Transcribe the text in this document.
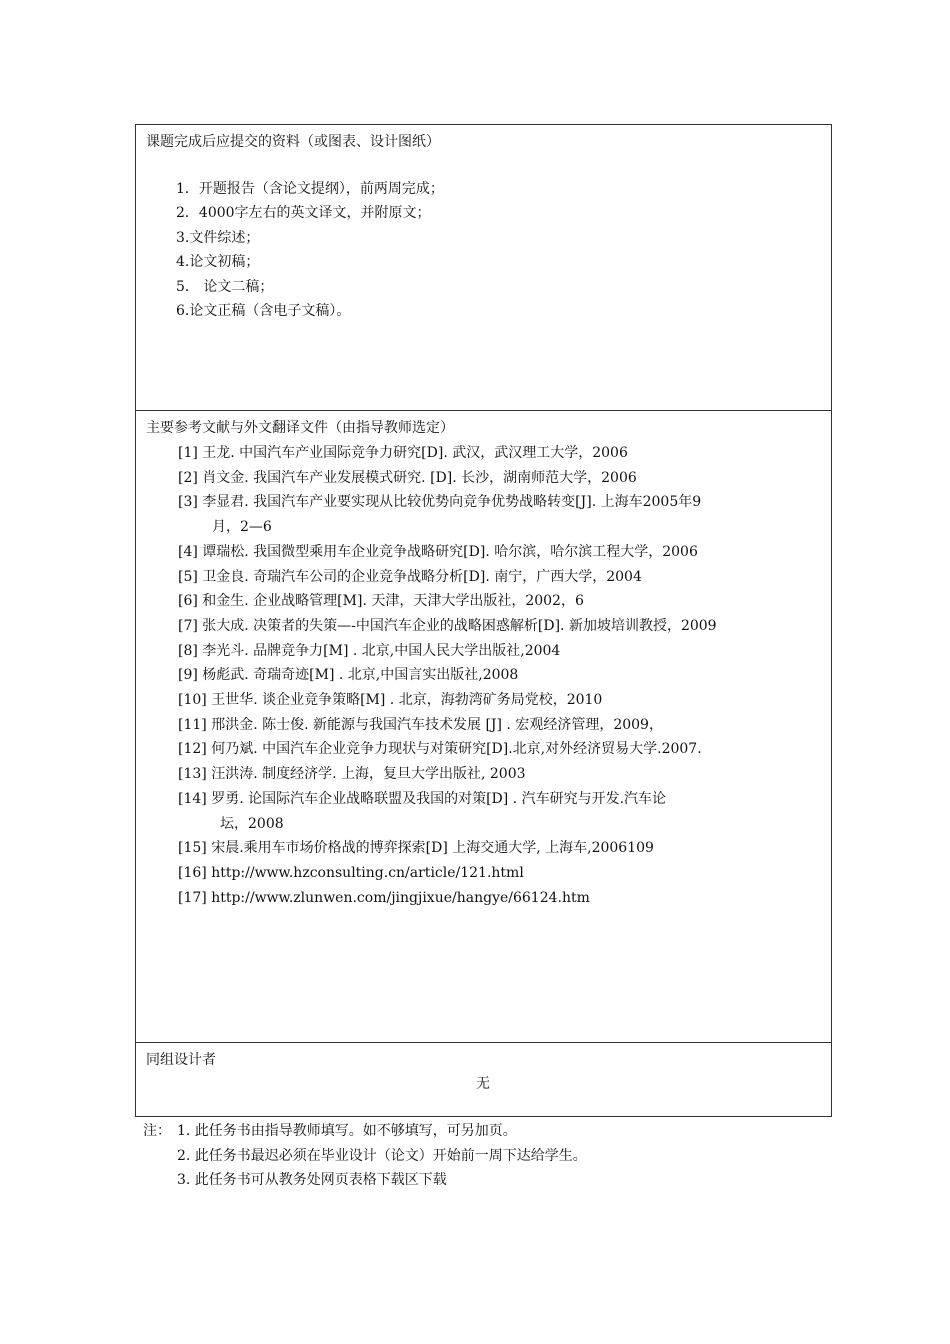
课题完成后应提交的资料（或图表、设计图纸）
1．开题报告（含论文提纲），前两周完成；
2．4000字左右的英文译文，并附原文；
3.文件综述；
4.论文初稿；
5． 论文二稿；
6.论文正稿（含电子文稿）。
主要参考文献与外文翻译文件（由指导教师选定）
[1] 王龙. 中国汽车产业国际竞争力研究[D]. 武汉，武汉理工大学，2006
[2] 肖文金. 我国汽车产业发展模式研究. [D]. 长沙，湖南师范大学，2006
[3] 李显君. 我国汽车产业要实现从比较优势向竞争优势战略转变[J]. 上海车2005年9
月，2—6
[4] 谭瑞松. 我国微型乘用车企业竞争战略研究[D]. 哈尔滨，哈尔滨工程大学，2006
[5] 卫金良. 奇瑞汽车公司的企业竞争战略分析[D]. 南宁，广西大学，2004
[6] 和金生. 企业战略管理[M]. 天津，天津大学出版社，2002，6
[7] 张大成. 决策者的失策—-中国汽车企业的战略困惑解析[D]. 新加坡培训教授，2009
[8] 李光斗. 品牌竞争力[M] . 北京,中国人民大学出版社,2004
[9] 杨彪武. 奇瑞奇迹[M] . 北京,中国言实出版社,2008
[10] 王世华. 谈企业竞争策略[M] . 北京，海勃湾矿务局党校，2010
[11] 邢洪金. 陈士俊. 新能源与我国汽车技术发展 [J] . 宏观经济管理，2009，
[12] 何乃斌. 中国汽车企业竞争力现状与对策研究[D].北京,对外经济贸易大学.2007.
[13] 汪洪涛. 制度经济学. 上海，复旦大学出版社, 2003
[14] 罗勇. 论国际汽车企业战略联盟及我国的对策[D] . 汽车研究与开发.汽车论
坛，2008
[15] 宋晨.乘用车市场价格战的博弈探索[D] 上海交通大学, 上海车,2006109
[16] http://www.hzconsulting.cn/article/121.html
[17] http://www.zlunwen.com/jingjixue/hangye/66124.htm
同组设计者
无
注： 1. 此任务书由指导教师填写。如不够填写，可另加页。
2. 此任务书最迟必须在毕业设计（论文）开始前一周下达给学生。
3. 此任务书可从教务处网页表格下载区下载
